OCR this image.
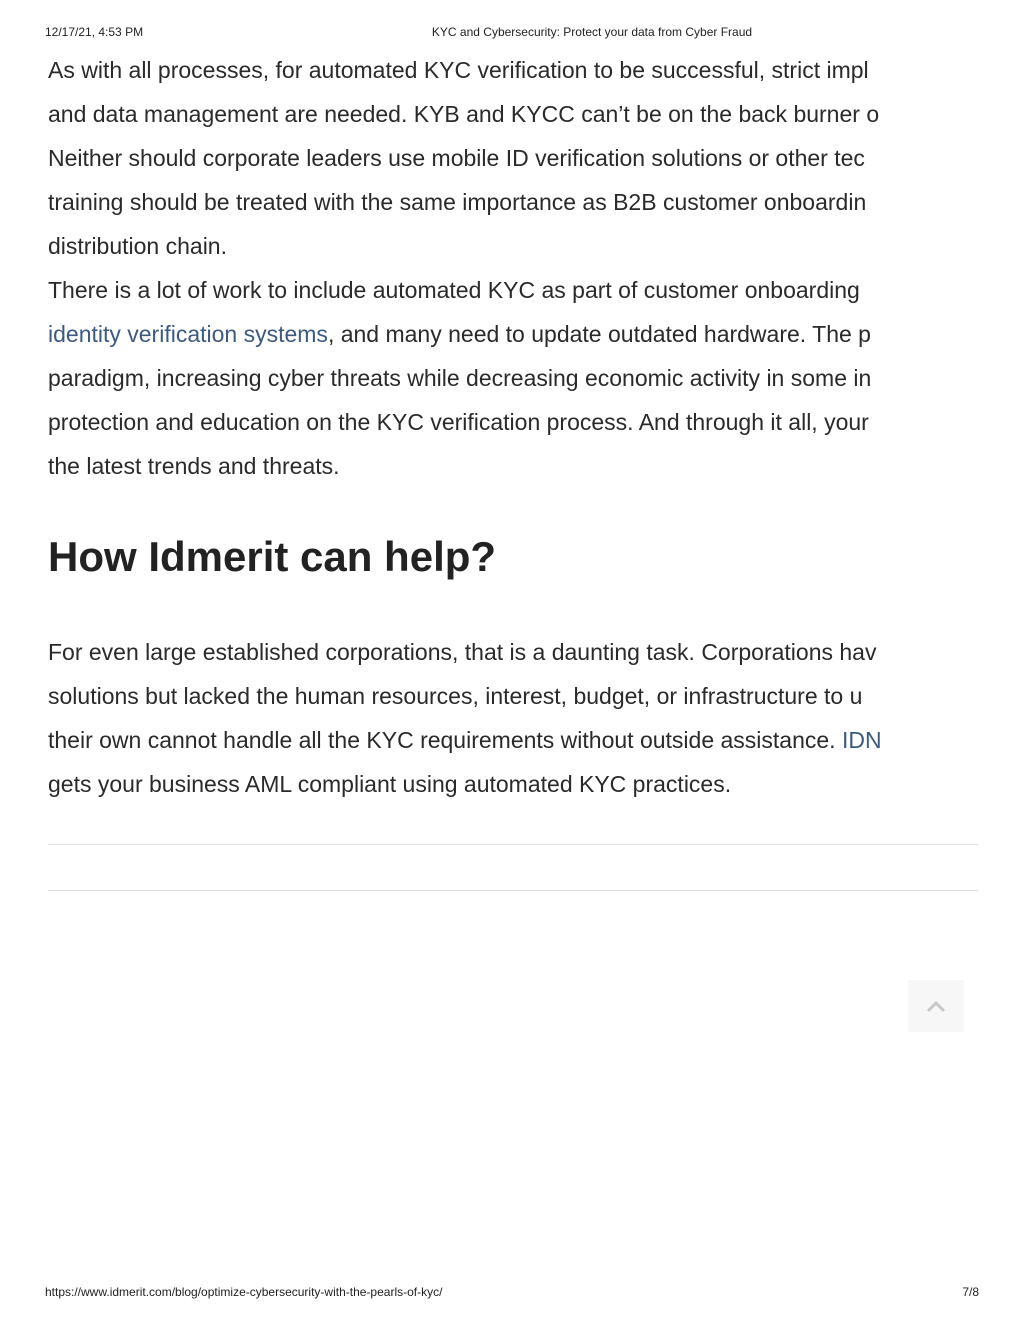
12/17/21, 4:53 PM	KYC and Cybersecurity: Protect your data from Cyber Fraud
As with all processes, for automated KYC verification to be successful, strict impl
and data management are needed. KYB and KYCC can’t be on the back burner o
Neither should corporate leaders use mobile ID verification solutions or other tec
training should be treated with the same importance as B2B customer onboardin
distribution chain.
There is a lot of work to include automated KYC as part of customer onboarding
identity verification systems, and many need to update outdated hardware. The p
paradigm, increasing cyber threats while decreasing economic activity in some in
protection and education on the KYC verification process. And through it all, your
the latest trends and threats.
How Idmerit can help?
For even large established corporations, that is a daunting task. Corporations hav
solutions but lacked the human resources, interest, budget, or infrastructure to u
their own cannot handle all the KYC requirements without outside assistance. IDN
gets your business AML compliant using automated KYC practices.
https://www.idmerit.com/blog/optimize-cybersecurity-with-the-pearls-of-kyc/	7/8
